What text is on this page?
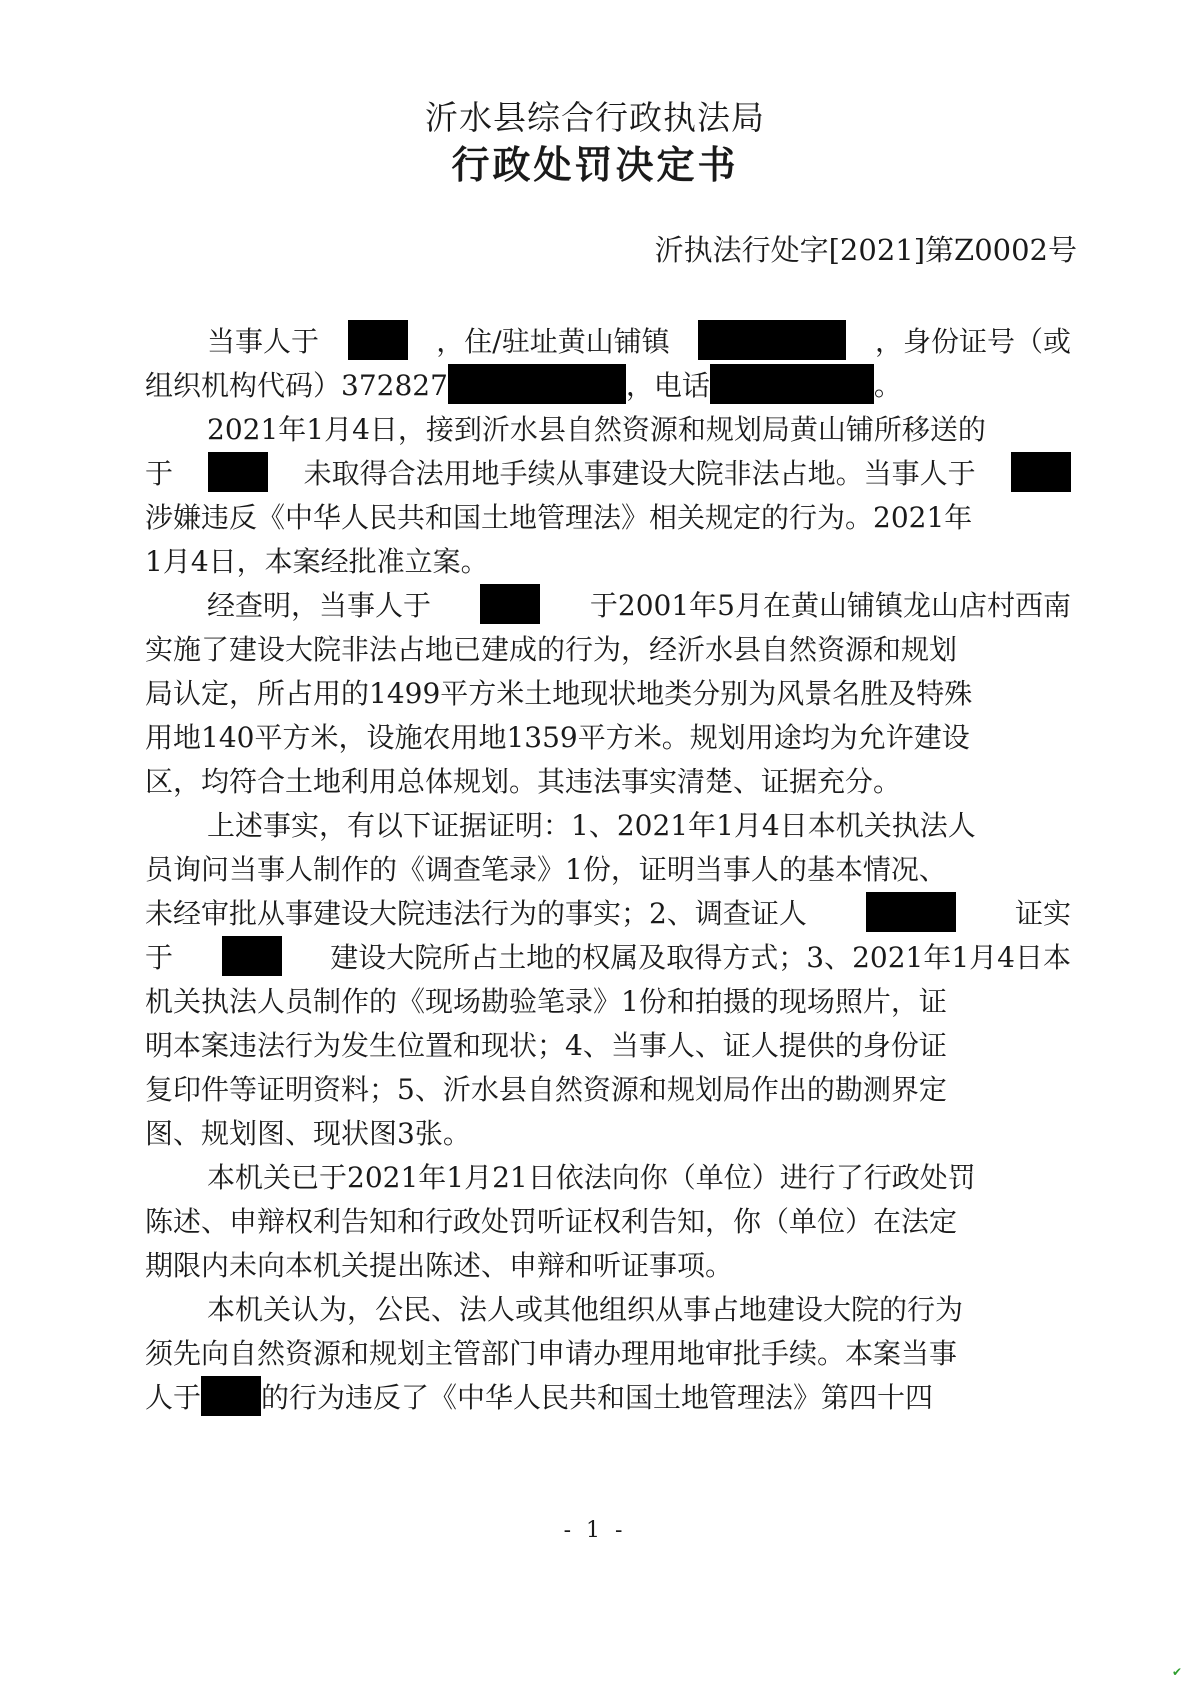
沂水县综合行政执法局
行政处罚决定书
沂执法行处字[2021]第Z0002号
当事人于	，住/驻址黄山铺镇	，身份证号（或
组织机构代码）372827	，电话	。
2021年1月4日，接到沂水县自然资源和规划局黄山铺所移送的
于	未取得合法用地手续从事建设大院非法占地。当事人于
涉嫌违反《中华人民共和国土地管理法》相关规定的行为。2021年
1月4日，本案经批准立案。
经查明，当事人于	于2001年5月在黄山铺镇龙山店村西南
实施了建设大院非法占地已建成的行为，经沂水县自然资源和规划
局认定，所占用的1499平方米土地现状地类分别为风景名胜及特殊
用地140平方米，设施农用地1359平方米。规划用途均为允许建设
区，均符合土地利用总体规划。其违法事实清楚、证据充分。
上述事实，有以下证据证明：1、2021年1月4日本机关执法人
员询问当事人制作的《调查笔录》1份，证明当事人的基本情况、
未经审批从事建设大院违法行为的事实；2、调查证人	证实
于	建设大院所占土地的权属及取得方式；3、2021年1月4日本
机关执法人员制作的《现场勘验笔录》1份和拍摄的现场照片，证
明本案违法行为发生位置和现状；4、当事人、证人提供的身份证
复印件等证明资料；5、沂水县自然资源和规划局作出的勘测界定
图、规划图、现状图3张。
本机关已于2021年1月21日依法向你（单位）进行了行政处罚
陈述、申辩权利告知和行政处罚听证权利告知，你（单位）在法定
期限内未向本机关提出陈述、申辩和听证事项。
本机关认为，公民、法人或其他组织从事占地建设大院的行为
须先向自然资源和规划主管部门申请办理用地审批手续。本案当事
人于 的行为违反了《中华人民共和国土地管理法》第四十四
- 1 -
✔
